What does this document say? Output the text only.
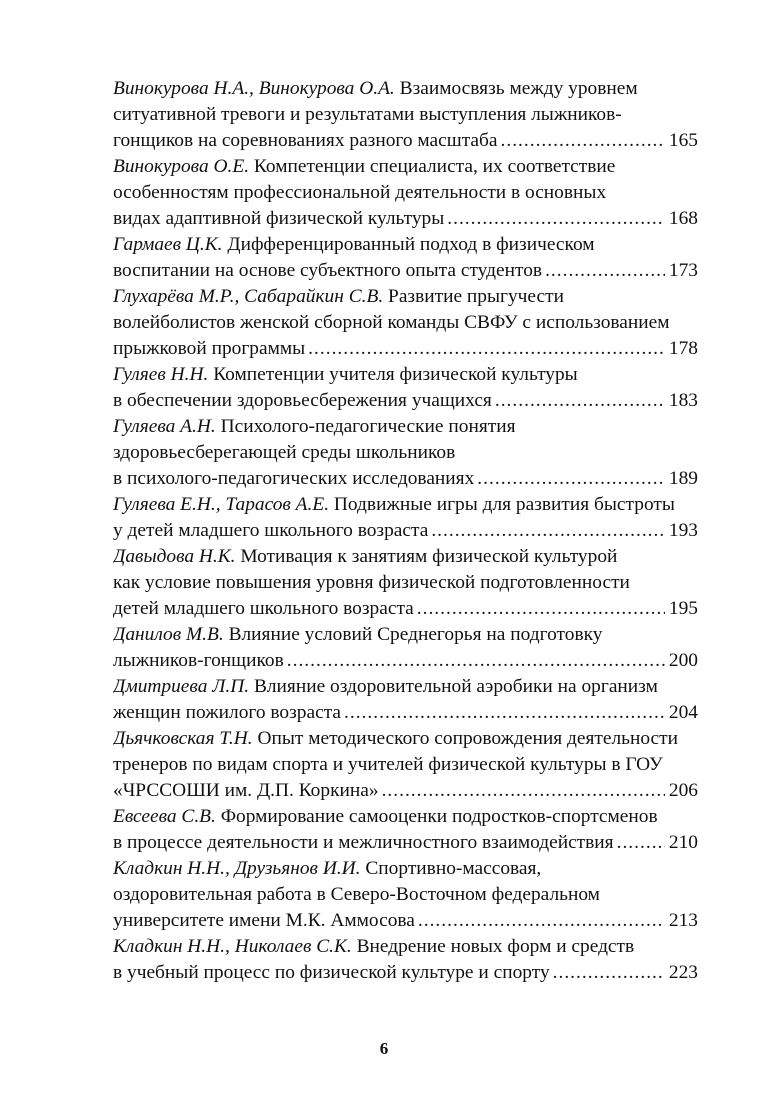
Винокурова Н.А., Винокурова О.А. Взаимосвязь между уровнем
ситуативной тревоги и результатами выступления лыжников-
гонщиков на соревнованиях разного масштаба .....	165
Винокурова О.Е. Компетенции специалиста, их соответствие
особенностям профессиональной деятельности в основных
видах адаптивной физической культуры .....	168
Гармаев Ц.К. Дифференцированный подход в физическом
воспитании на основе субъектного опыта студентов .....	173
Глухарёва М.Р., Сабарайкин С.В. Развитие прыгучести
волейболистов женской сборной команды СВФУ с использованием
прыжковой программы .....	178
Гуляев Н.Н. Компетенции учителя физической культуры
в обеспечении здоровьесбережения учащихся .....	183
Гуляева А.Н. Психолого-педагогические понятия
здоровьесберегающей среды школьников
в психолого-педагогических исследованиях .....	189
Гуляева Е.Н., Тарасов А.Е. Подвижные игры для развития быстроты
у детей младшего школьного возраста .....	193
Давыдова Н.К. Мотивация к занятиям физической культурой
как условие повышения уровня физической подготовленности
детей младшего школьного возраста .....	195
Данилов М.В. Влияние условий Среднегорья на подготовку
лыжников-гонщиков .....	200
Дмитриева Л.П. Влияние оздоровительной аэробики на организм
женщин пожилого возраста .....	204
Дьячковская Т.Н. Опыт методического сопровождения деятельности
тренеров по видам спорта и учителей физической культуры в ГОУ
«ЧРССОШИ им. Д.П. Коркина» .....	206
Евсеева С.В. Формирование самооценки подростков-спортсменов
в процессе деятельности и межличностного взаимодействия .....	210
Кладкин Н.Н., Друзьянов И.И. Спортивно-массовая,
оздоровительная работа в Северо-Восточном федеральном
университете имени М.К. Аммосова .....	213
Кладкин Н.Н., Николаев С.К. Внедрение новых форм и средств
в учебный процесс по физической культуре и спорту .....	223
6
